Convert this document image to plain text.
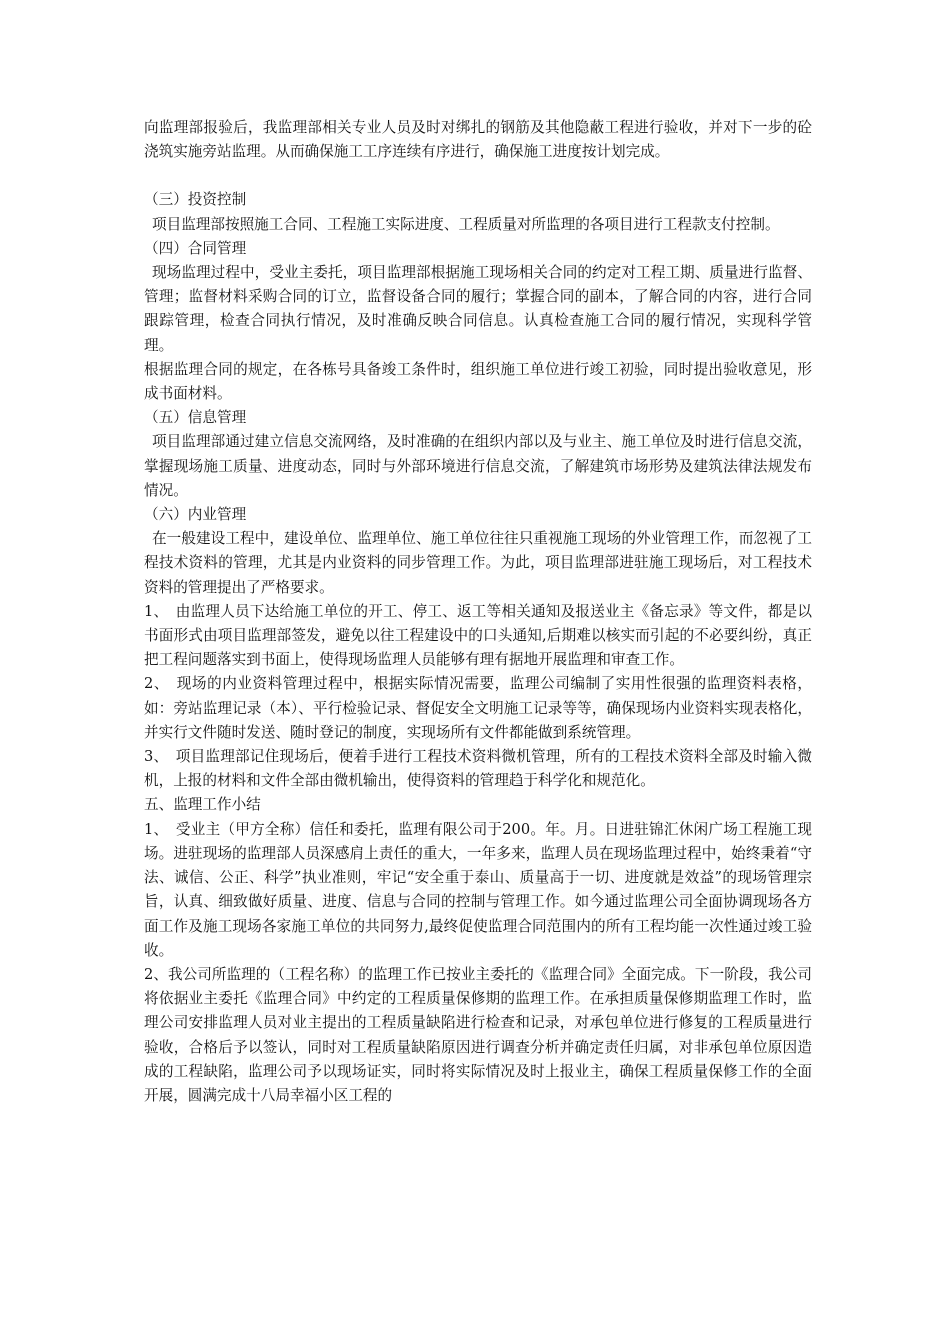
向监理部报验后，我监理部相关专业人员及时对绑扎的钢筋及其他隐蔽工程进行验收，并对下一步的砼浇筑实施旁站监理。从而确保施工工序连续有序进行，确保施工进度按计划完成。

（三）投资控制

项目监理部按照施工合同、工程施工实际进度、工程质量对所监理的各项目进行工程款支付控制。

（四）合同管理

现场监理过程中，受业主委托，项目监理部根据施工现场相关合同的约定对工程工期、质量进行监督、管理；监督材料采购合同的订立，监督设备合同的履行；掌握合同的副本，了解合同的内容，进行合同跟踪管理，检查合同执行情况，及时准确反映合同信息。认真检查施工合同的履行情况，实现科学管理。

根据监理合同的规定，在各栋号具备竣工条件时，组织施工单位进行竣工初验，同时提出验收意见，形成书面材料。

（五）信息管理

项目监理部通过建立信息交流网络，及时准确的在组织内部以及与业主、施工单位及时进行信息交流，掌握现场施工质量、进度动态，同时与外部环境进行信息交流，了解建筑市场形势及建筑法律法规发布情况。

（六）内业管理

在一般建设工程中，建设单位、监理单位、施工单位往往只重视施工现场的外业管理工作，而忽视了工程技术资料的管理，尤其是内业资料的同步管理工作。为此，项目监理部进驻施工现场后，对工程技术资料的管理提出了严格要求。

1、　由监理人员下达给施工单位的开工、停工、返工等相关通知及报送业主《备忘录》等文件，都是以书面形式由项目监理部签发，避免以往工程建设中的口头通知,后期难以核实而引起的不必要纠纷，真正把工程问题落实到书面上，使得现场监理人员能够有理有据地开展监理和审查工作。

2、　现场的内业资料管理过程中，根据实际情况需要，监理公司编制了实用性很强的监理资料表格，如：旁站监理记录（本）、平行检验记录、督促安全文明施工记录等等，确保现场内业资料实现表格化，并实行文件随时发送、随时登记的制度，实现场所有文件都能做到系统管理。

3、　项目监理部记住现场后，便着手进行工程技术资料微机管理，所有的工程技术资料全部及时输入微机，上报的材料和文件全部由微机输出，使得资料的管理趋于科学化和规范化。

五、监理工作小结

1、　受业主（甲方全称）信任和委托，监理有限公司于200。年。月。日进驻锦汇休闲广场工程施工现场。进驻现场的监理部人员深感肩上责任的重大，一年多来，监理人员在现场监理过程中，始终秉着“守法、诚信、公正、科学”执业准则，牢记“安全重于泰山、质量高于一切、进度就是效益”的现场管理宗旨，认真、细致做好质量、进度、信息与合同的控制与管理工作。如今通过监理公司全面协调现场各方面工作及施工现场各家施工单位的共同努力,最终促使监理合同范围内的所有工程均能一次性通过竣工验收。

2、我公司所监理的（工程名称）的监理工作已按业主委托的《监理合同》全面完成。下一阶段，我公司将依据业主委托《监理合同》中约定的工程质量保修期的监理工作。在承担质量保修期监理工作时，监理公司安排监理人员对业主提出的工程质量缺陷进行检查和记录，对承包单位进行修复的工程质量进行验收，合格后予以签认，同时对工程质量缺陷原因进行调查分析并确定责任归属，对非承包单位原因造成的工程缺陷，监理公司予以现场证实，同时将实际情况及时上报业主，确保工程质量保修工作的全面开展，圆满完成十八局幸福小区工程的
